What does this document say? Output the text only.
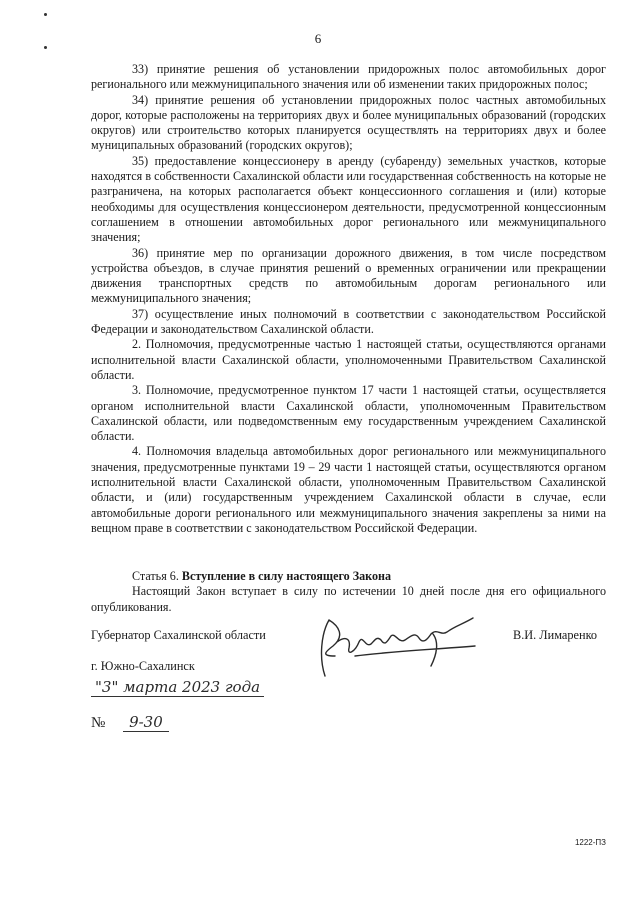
6

33) принятие решения об установлении придорожных полос автомобильных дорог регионального или межмуниципального значения или об изменении таких придорожных полос;

34) принятие решения об установлении придорожных полос частных автомобильных дорог, которые расположены на территориях двух и более муниципальных образований (городских округов) или строительство которых планируется осуществлять на территориях двух и более муниципальных образований (городских округов);

35) предоставление концессионеру в аренду (субаренду) земельных участков, которые находятся в собственности Сахалинской области или государственная собственность на которые не разграничена, на которых располагается объект концессионного соглашения и (или) которые необходимы для осуществления концессионером деятельности, предусмотренной концессионным соглашением в отношении автомобильных дорог регионального или межмуниципального значения;

36) принятие мер по организации дорожного движения, в том числе посредством устройства объездов, в случае принятия решений о временных ограничении или прекращении движения транспортных средств по автомобильным дорогам регионального или межмуниципального значения;

37) осуществление иных полномочий в соответствии с законодательством Российской Федерации и законодательством Сахалинской области.

2. Полномочия, предусмотренные частью 1 настоящей статьи, осуществляются органами исполнительной власти Сахалинской области, уполномоченными Правительством Сахалинской области.

3. Полномочие, предусмотренное пунктом 17 части 1 настоящей статьи, осуществляется органом исполнительной власти Сахалинской области, уполномоченным Правительством Сахалинской области, или подведомственным ему государственным учреждением Сахалинской области.

4. Полномочия владельца автомобильных дорог регионального или межмуниципального значения, предусмотренные пунктами 19 – 29 части 1 настоящей статьи, осуществляются органом исполнительной власти Сахалинской области, уполномоченным Правительством Сахалинской области, и (или) государственным учреждением Сахалинской области в случае, если автомобильные дороги регионального или межмуниципального значения закреплены за ними на вещном праве в соответствии с законодательством Российской Федерации.

Статья 6. Вступление в силу настоящего Закона

Настоящий Закон вступает в силу по истечении 10 дней после дня его официального опубликования.

Губернатор Сахалинской области	В.И. Лимаренко
г. Южно-Сахалинск
"3" марта 2023 года
№ 9-30
1222-ПЗ
